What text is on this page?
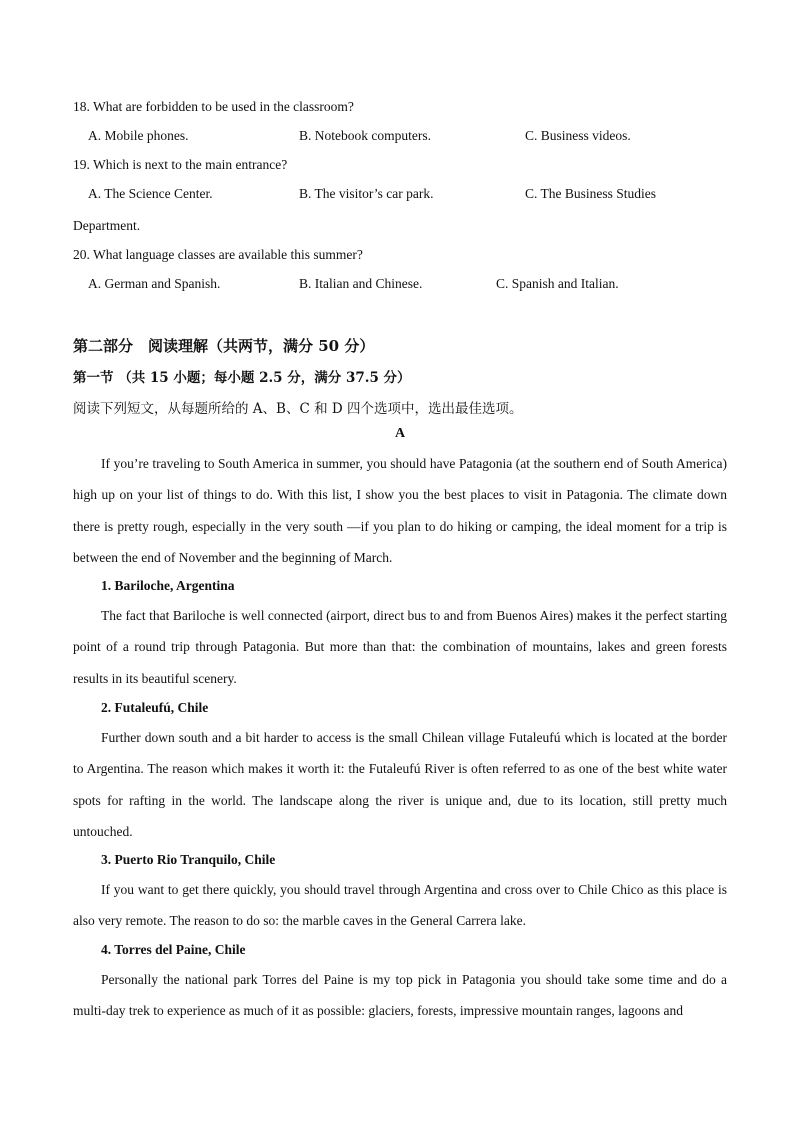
18. What are forbidden to be used in the classroom?
A. Mobile phones.	B. Notebook computers.	C. Business videos.
19. Which is next to the main entrance?
A. The Science Center.	B. The visitor’s car park.	C. The Business Studies
Department.
20. What language classes are available this summer?
A. German and Spanish.	B. Italian and Chinese.	C. Spanish and Italian.
第二部分　阅读理解（共两节，满分 50 分）
第一节 （共 15 小题；每小题 2.5 分，满分 37.5 分）
阅读下列短文，从每题所给的 A、B、C 和 D 四个选项中，选出最佳选项。
A
If you’re traveling to South America in summer, you should have Patagonia (at the southern end of South America) high up on your list of things to do. With this list, I show you the best places to visit in Patagonia. The climate down there is pretty rough, especially in the very south —if you plan to do hiking or camping, the ideal moment for a trip is between the end of November and the beginning of March.
1. Bariloche, Argentina
The fact that Bariloche is well connected (airport, direct bus to and from Buenos Aires) makes it the perfect starting point of a round trip through Patagonia. But more than that: the combination of mountains, lakes and green forests results in its beautiful scenery.
2. Futaleufú, Chile
Further down south and a bit harder to access is the small Chilean village Futaleufú which is located at the border to Argentina. The reason which makes it worth it: the Futaleufú River is often referred to as one of the best white water spots for rafting in the world. The landscape along the river is unique and, due to its location, still pretty much untouched.
3. Puerto Rio Tranquilo, Chile
If you want to get there quickly, you should travel through Argentina and cross over to Chile Chico as this place is also very remote. The reason to do so: the marble caves in the General Carrera lake.
4. Torres del Paine, Chile
Personally the national park Torres del Paine is my top pick in Patagonia you should take some time and do a multi-day trek to experience as much of it as possible: glaciers, forests, impressive mountain ranges, lagoons and
